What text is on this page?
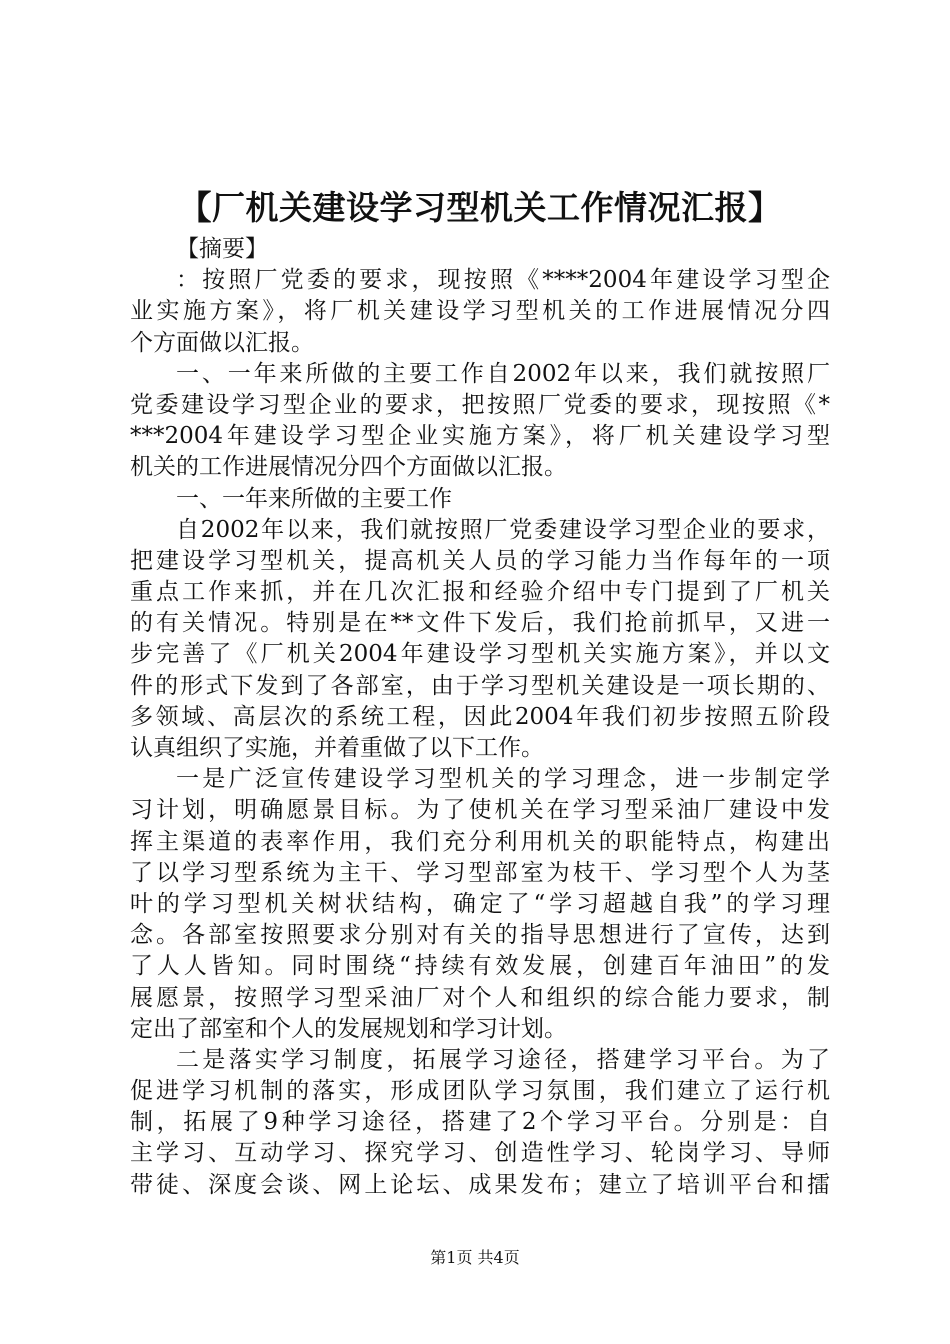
【厂机关建设学习型机关工作情况汇报】
【摘要】
：按照厂党委的要求，现按照《****2004年建设学习型企
业实施方案》，将厂机关建设学习型机关的工作进展情况分四
个方面做以汇报。
一、一年来所做的主要工作自2002年以来，我们就按照厂
党委建设学习型企业的要求，把按照厂党委的要求，现按照《*
***2004年建设学习型企业实施方案》，将厂机关建设学习型
机关的工作进展情况分四个方面做以汇报。
一、一年来所做的主要工作
自2002年以来，我们就按照厂党委建设学习型企业的要求，
把建设学习型机关，提高机关人员的学习能力当作每年的一项
重点工作来抓，并在几次汇报和经验介绍中专门提到了厂机关
的有关情况。特别是在**文件下发后，我们抢前抓早，又进一
步完善了《厂机关2004年建设学习型机关实施方案》，并以文
件的形式下发到了各部室，由于学习型机关建设是一项长期的、
多领域、高层次的系统工程，因此2004年我们初步按照五阶段
认真组织了实施，并着重做了以下工作。
一是广泛宣传建设学习型机关的学习理念，进一步制定学
习计划，明确愿景目标。为了使机关在学习型采油厂建设中发
挥主渠道的表率作用，我们充分利用机关的职能特点，构建出
了以学习型系统为主干、学习型部室为枝干、学习型个人为茎
叶的学习型机关树状结构，确定了“学习超越自我”的学习理
念。各部室按照要求分别对有关的指导思想进行了宣传，达到
了人人皆知。同时围绕“持续有效发展，创建百年油田”的发
展愿景，按照学习型采油厂对个人和组织的综合能力要求，制
定出了部室和个人的发展规划和学习计划。
二是落实学习制度，拓展学习途径，搭建学习平台。为了
促进学习机制的落实，形成团队学习氛围，我们建立了运行机
制，拓展了9种学习途径，搭建了2个学习平台。分别是：自
主学习、互动学习、探究学习、创造性学习、轮岗学习、导师
带徒、深度会谈、网上论坛、成果发布；建立了培训平台和擂
第1页 共4页
